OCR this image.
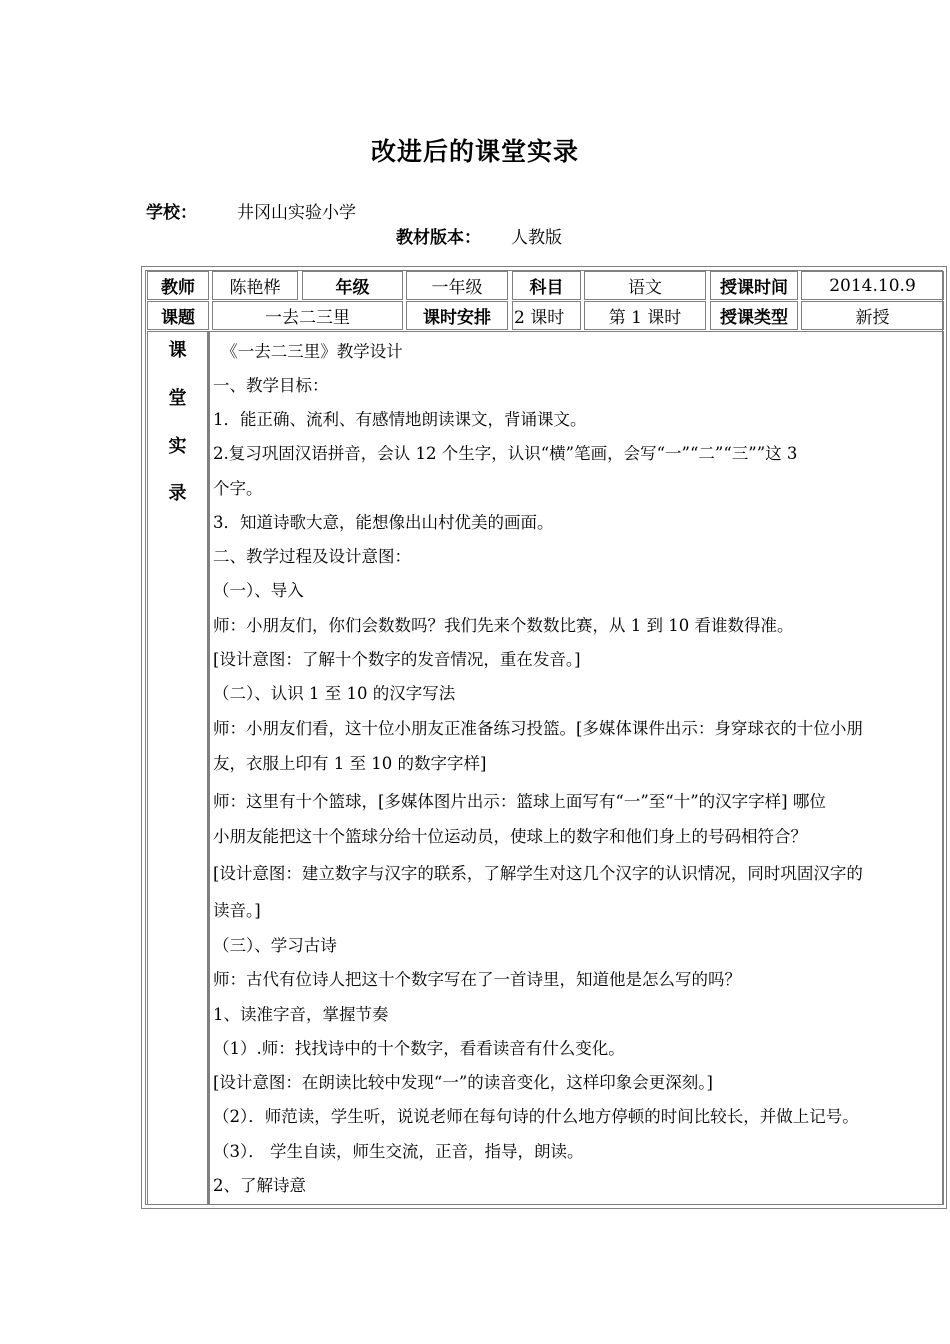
改进后的课堂实录
学校： 井冈山实验小学
教材版本： 人教版
教师	陈艳桦	年级	一年级	科目	语文	授课时间	2014.10.9
课题	一去二三里	课时安排	2 课时	第 1 课时	授课类型	新授
课
堂
实
录
　《一去二三里》教学设计
一、教学目标：
1．能正确、流利、有感情地朗读课文，背诵课文。
2.复习巩固汉语拼音，会认 12 个生字，认识“横”笔画，会写“一”“二”“三””这 3
个字。
3．知道诗歌大意，能想像出山村优美的画面。
二、教学过程及设计意图：
（一）、导入
师：小朋友们，你们会数数吗？我们先来个数数比赛，从 1 到 10 看谁数得准。
[设计意图：了解十个数字的发音情况，重在发音。]
（二）、认识 1 至 10 的汉字写法
师：小朋友们看，这十位小朋友正准备练习投篮。[多媒体课件出示：身穿球衣的十位小朋
友，衣服上印有 1 至 10 的数字字样]
师：这里有十个篮球，[多媒体图片出示：篮球上面写有“一”至“十”的汉字字样] 哪位
小朋友能把这十个篮球分给十位运动员，使球上的数字和他们身上的号码相符合？
[设计意图：建立数字与汉字的联系，了解学生对这几个汉字的认识情况，同时巩固汉字的
读音。]
（三）、学习古诗
师：古代有位诗人把这十个数字写在了一首诗里，知道他是怎么写的吗？
1、读准字音，掌握节奏
（1）.师：找找诗中的十个数字，看看读音有什么变化。
[设计意图：在朗读比较中发现“一”的读音变化，这样印象会更深刻。]
（2）．师范读，学生听，说说老师在每句诗的什么地方停顿的时间比较长，并做上记号。
（3）． 学生自读，师生交流，正音，指导，朗读。
2、了解诗意
